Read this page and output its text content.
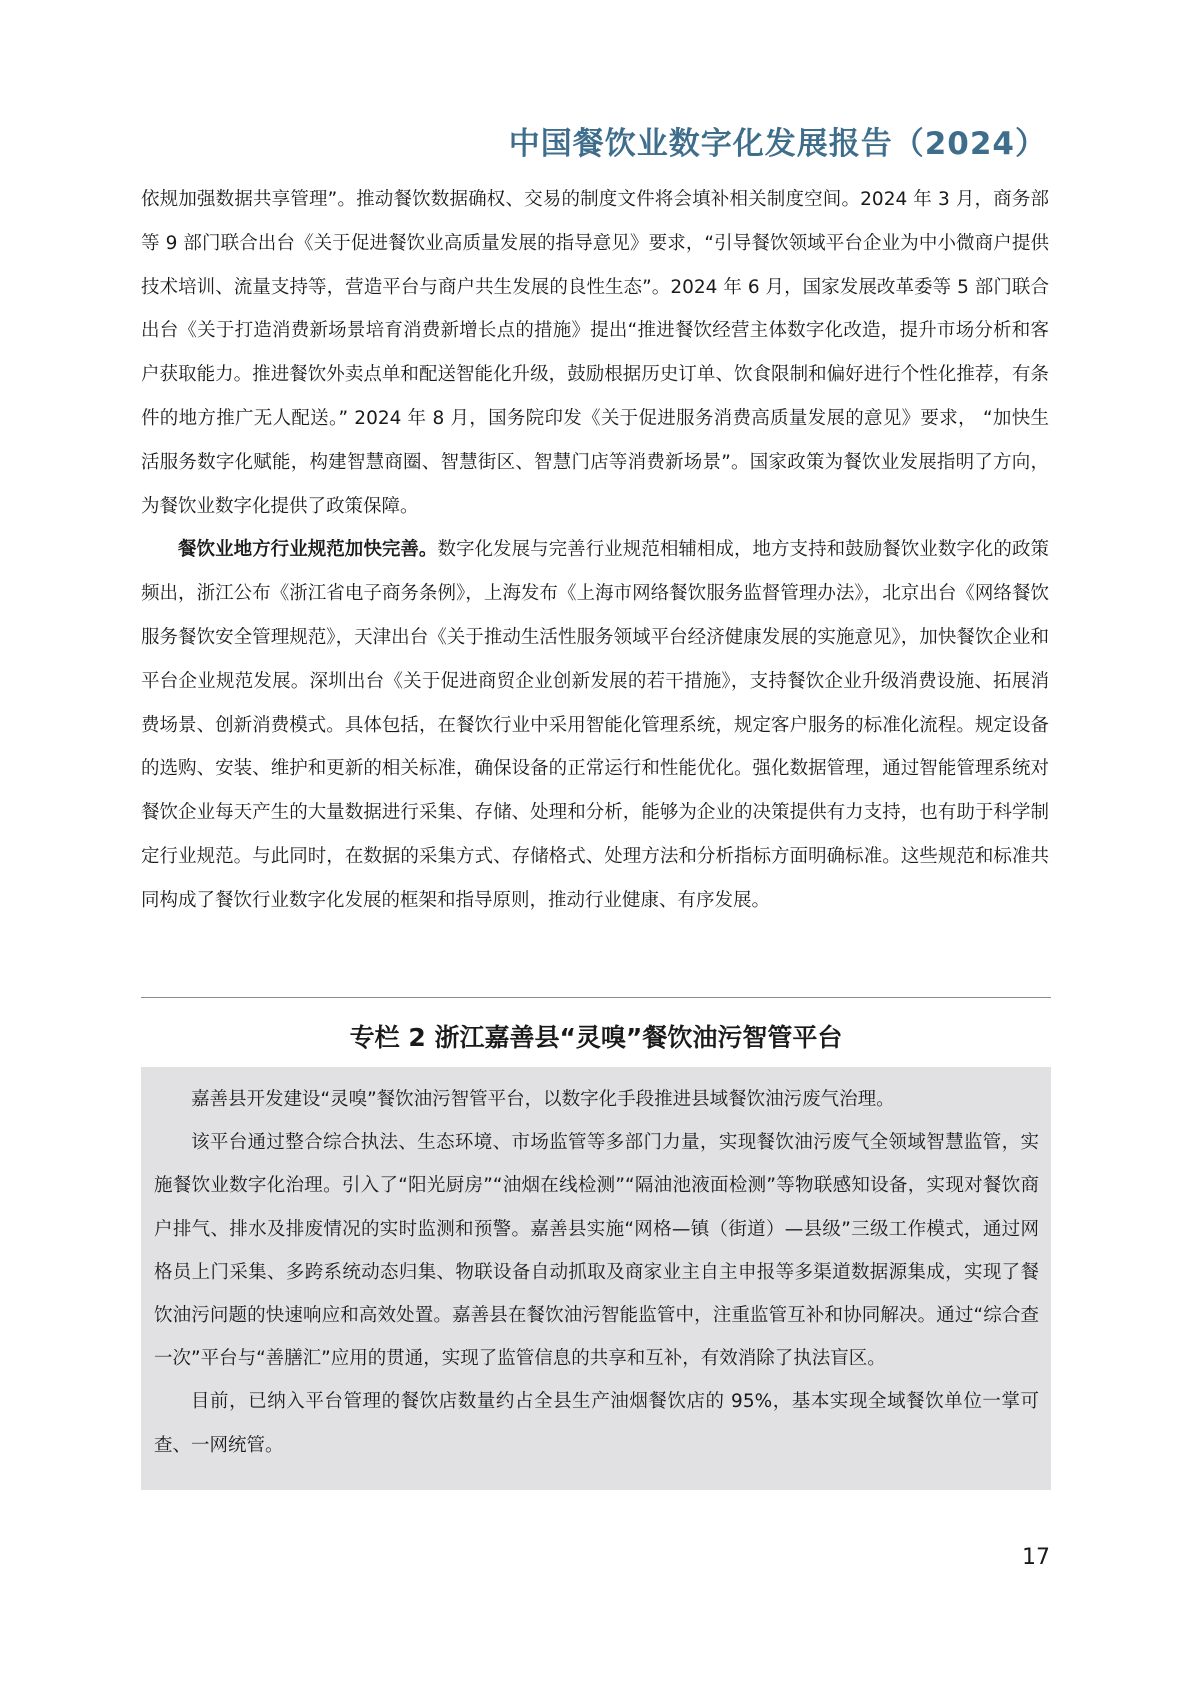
中国餐饮业数字化发展报告（2024）

依规加强数据共享管理”。推动餐饮数据确权、交易的制度文件将会填补相关制度空间。2024 年 3 月，商务部等 9 部门联合出台《关于促进餐饮业高质量发展的指导意见》要求，“引导餐饮领域平台企业为中小微商户提供技术培训、流量支持等，营造平台与商户共生发展的良性生态”。2024 年 6 月，国家发展改革委等 5 部门联合出台《关于打造消费新场景培育消费新增长点的措施》提出“推进餐饮经营主体数字化改造，提升市场分析和客户获取能力。推进餐饮外卖点单和配送智能化升级，鼓励根据历史订单、饮食限制和偏好进行个性化推荐，有条件的地方推广无人配送。” 2024 年 8 月，国务院印发《关于促进服务消费高质量发展的意见》要求， “加快生活服务数字化赋能，构建智慧商圈、智慧街区、智慧门店等消费新场景”。国家政策为餐饮业发展指明了方向，为餐饮业数字化提供了政策保障。

餐饮业地方行业规范加快完善。数字化发展与完善行业规范相辅相成，地方支持和鼓励餐饮业数字化的政策频出，浙江公布《浙江省电子商务条例》，上海发布《上海市网络餐饮服务监督管理办法》，北京出台《网络餐饮服务餐饮安全管理规范》，天津出台《关于推动生活性服务领域平台经济健康发展的实施意见》，加快餐饮企业和平台企业规范发展。深圳出台《关于促进商贸企业创新发展的若干措施》，支持餐饮企业升级消费设施、拓展消费场景、创新消费模式。具体包括，在餐饮行业中采用智能化管理系统，规定客户服务的标准化流程。规定设备的选购、安装、维护和更新的相关标准，确保设备的正常运行和性能优化。强化数据管理，通过智能管理系统对餐饮企业每天产生的大量数据进行采集、存储、处理和分析，能够为企业的决策提供有力支持，也有助于科学制定行业规范。与此同时，在数据的采集方式、存储格式、处理方法和分析指标方面明确标准。这些规范和标准共同构成了餐饮行业数字化发展的框架和指导原则，推动行业健康、有序发展。

专栏 2 浙江嘉善县“灵嗅”餐饮油污智管平台

嘉善县开发建设“灵嗅”餐饮油污智管平台，以数字化手段推进县域餐饮油污废气治理。

该平台通过整合综合执法、生态环境、市场监管等多部门力量，实现餐饮油污废气全领域智慧监管，实施餐饮业数字化治理。引入了“阳光厨房”“油烟在线检测”“隔油池液面检测”等物联感知设备，实现对餐饮商户排气、排水及排废情况的实时监测和预警。嘉善县实施“网格—镇（街道）—县级”三级工作模式，通过网格员上门采集、多跨系统动态归集、物联设备自动抓取及商家业主自主申报等多渠道数据源集成，实现了餐饮油污问题的快速响应和高效处置。嘉善县在餐饮油污智能监管中，注重监管互补和协同解决。通过“综合查一次”平台与“善膳汇”应用的贯通，实现了监管信息的共享和互补，有效消除了执法盲区。

目前，已纳入平台管理的餐饮店数量约占全县生产油烟餐饮店的 95%，基本实现全域餐饮单位一掌可查、一网统管。

17
